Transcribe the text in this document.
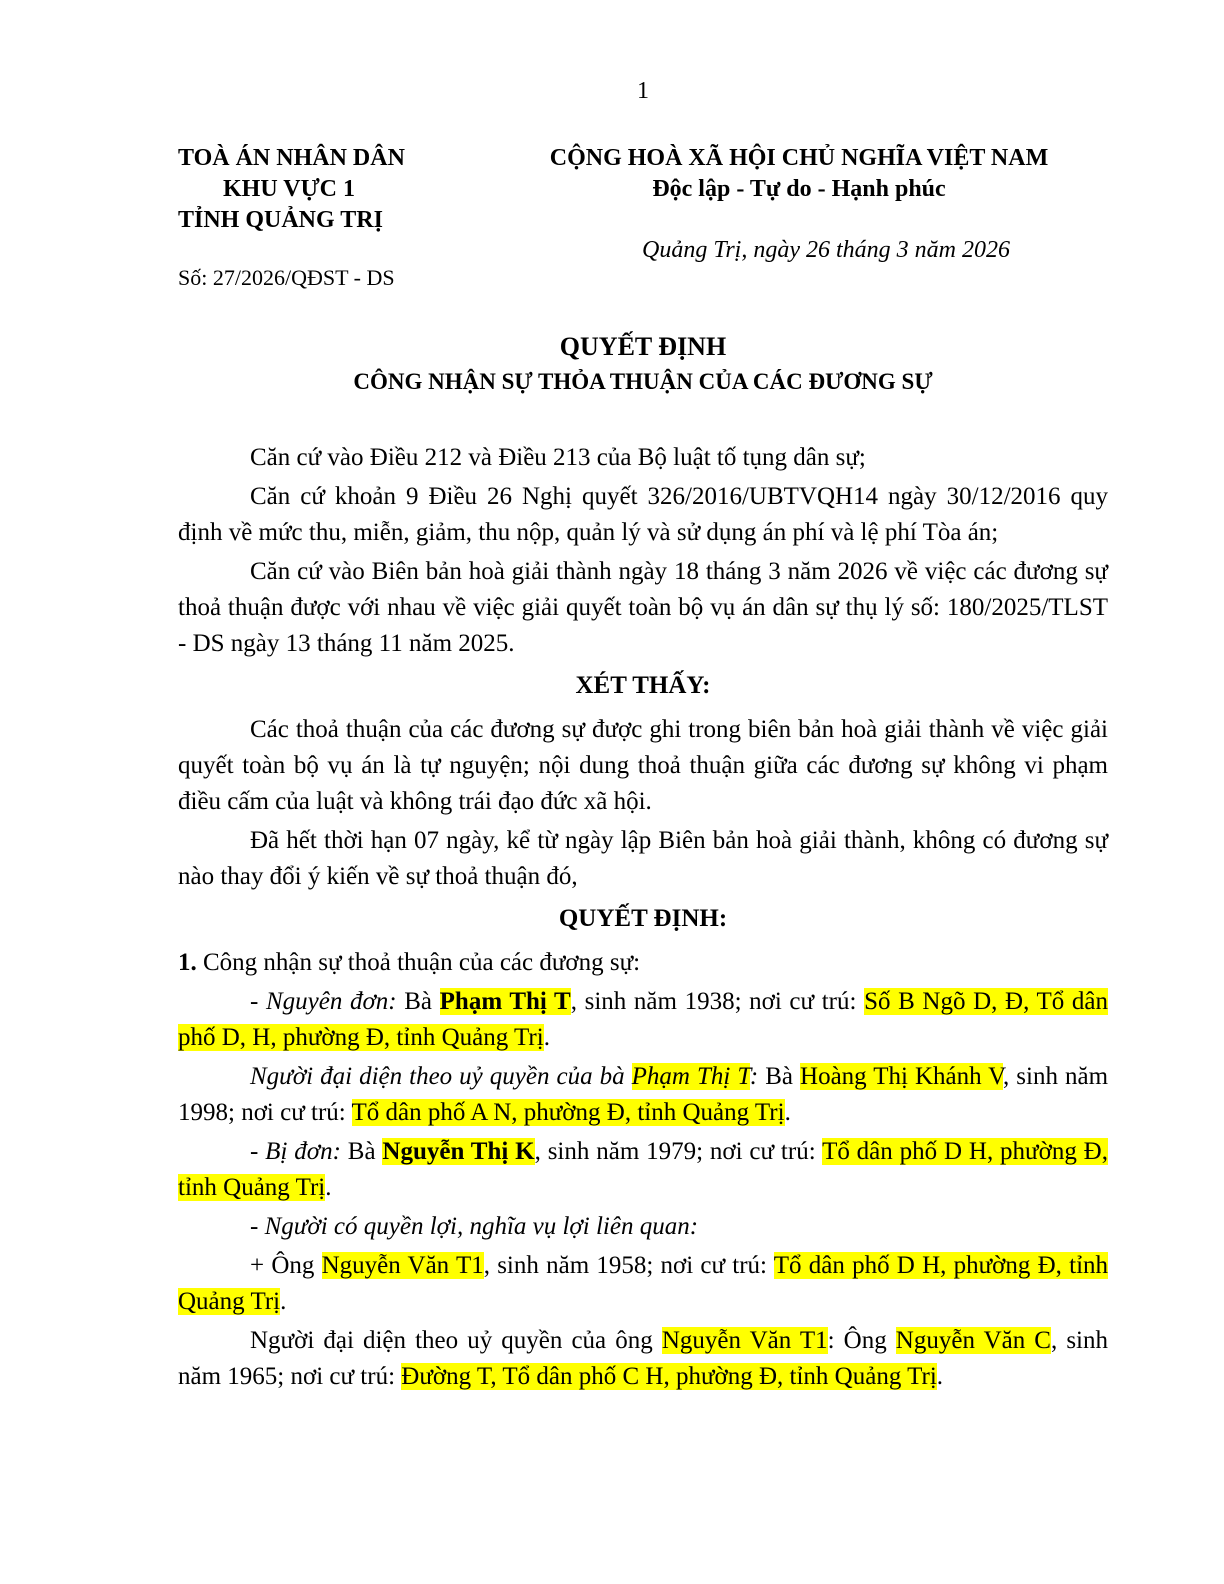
1
TOÀ ÁN NHÂN DÂN
KHU VỰC 1
TỈNH QUẢNG TRỊ
CỘNG HOÀ XÃ HỘI CHỦ NGHĨA VIỆT NAM
Độc lập - Tự do - Hạnh phúc
Quảng Trị, ngày 26 tháng 3 năm 2026
Số: 27/2026/QĐST - DS
QUYẾT ĐỊNH
CÔNG NHẬN SỰ THỎA THUẬN CỦA CÁC ĐƯƠNG SỰ

Căn cứ vào Điều 212 và Điều 213 của Bộ luật tố tụng dân sự;

Căn cứ khoản 9 Điều 26 Nghị quyết 326/2016/UBTVQH14 ngày 30/12/2016 quy định về mức thu, miễn, giảm, thu nộp, quản lý và sử dụng án phí và lệ phí Tòa án;

Căn cứ vào Biên bản hoà giải thành ngày 18 tháng 3 năm 2026 về việc các đương sự thoả thuận được với nhau về việc giải quyết toàn bộ vụ án dân sự thụ lý số: 180/2025/TLST - DS ngày 13 tháng 11 năm 2025.

XÉT THẤY:

Các thoả thuận của các đương sự được ghi trong biên bản hoà giải thành về việc giải quyết toàn bộ vụ án là tự nguyện; nội dung thoả thuận giữa các đương sự không vi phạm điều cấm của luật và không trái đạo đức xã hội.

Đã hết thời hạn 07 ngày, kể từ ngày lập Biên bản hoà giải thành, không có đương sự nào thay đổi ý kiến về sự thoả thuận đó,

QUYẾT ĐỊNH:

1. Công nhận sự thoả thuận của các đương sự:

- Nguyên đơn: Bà Phạm Thị T, sinh năm 1938; nơi cư trú: Số B Ngõ D, Đ, Tổ dân phố D, H, phường Đ, tỉnh Quảng Trị.

Người đại diện theo uỷ quyền của bà Phạm Thị T: Bà Hoàng Thị Khánh V, sinh năm 1998; nơi cư trú: Tổ dân phố A N, phường Đ, tỉnh Quảng Trị.

- Bị đơn: Bà Nguyễn Thị K, sinh năm 1979; nơi cư trú: Tổ dân phố D H, phường Đ, tỉnh Quảng Trị.

- Người có quyền lợi, nghĩa vụ lợi liên quan:

+ Ông Nguyễn Văn T1, sinh năm 1958; nơi cư trú: Tổ dân phố D H, phường Đ, tỉnh Quảng Trị.

Người đại diện theo uỷ quyền của ông Nguyễn Văn T1: Ông Nguyễn Văn C, sinh năm 1965; nơi cư trú: Đường T, Tổ dân phố C H, phường Đ, tỉnh Quảng Trị.
